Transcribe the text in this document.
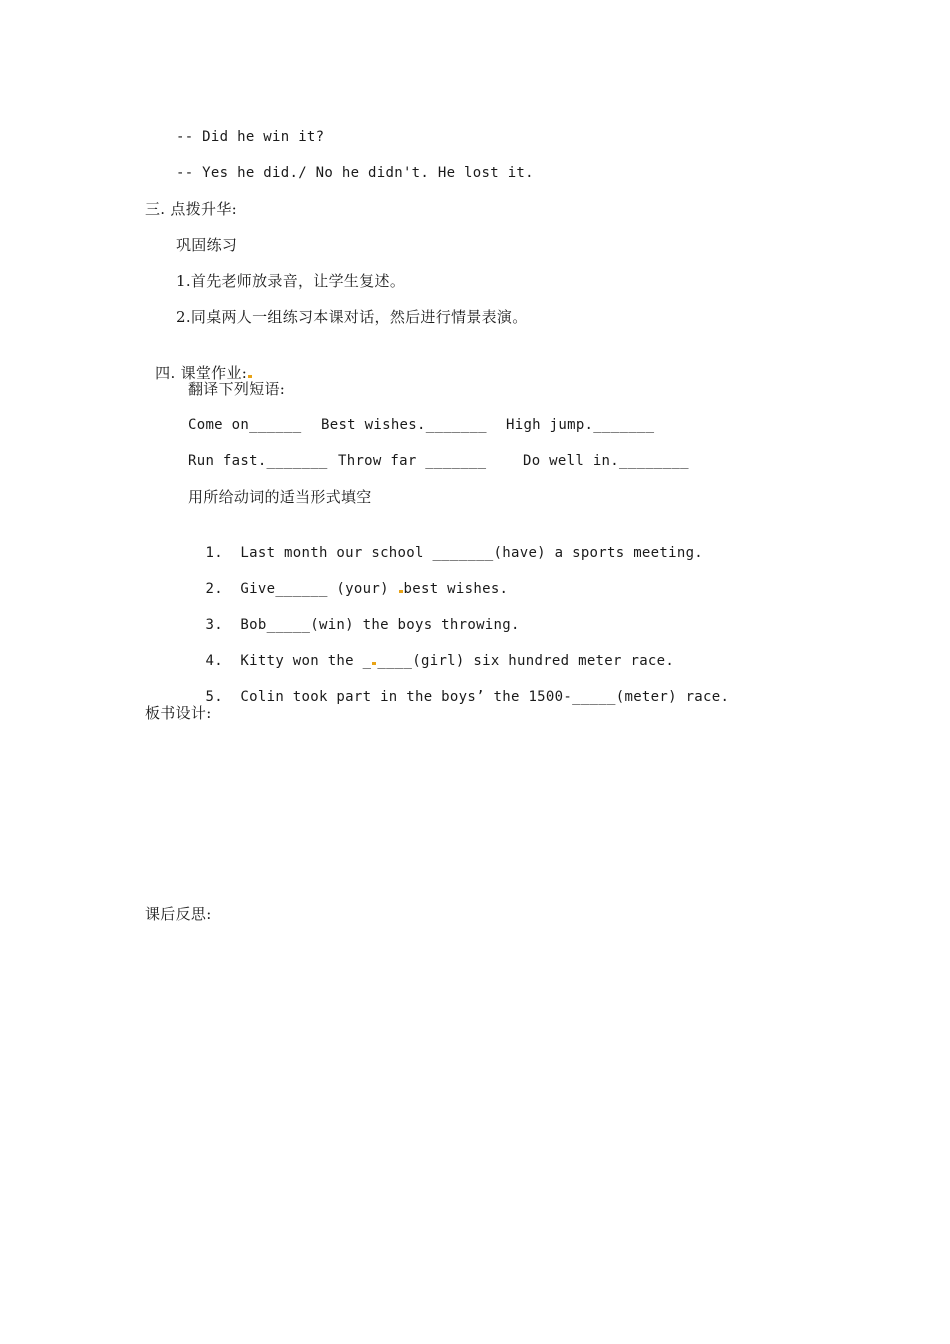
-- Did he win it?
-- Yes he did./ No he didn't. He lost it.
三. 点拨升华:
巩固练习
1.首先老师放录音，让学生复述。
2.同桌两人一组练习本课对话，然后进行情景表演。

四. 课堂作业:

翻译下列短语:
Come on______ Best wishes._______ High jump._______
Run fast._______ Throw far _______	Do well in.________
用所给动词的适当形式填空

1. Last month our school _______(have) a sports meeting.

2. Give______ (your) best wishes.

3. Bob_____(win) the boys throwing.

4. Kitty won the _ ____(girl) six hundred meter race.

5. Colin took part in the boys’ the 1500-_____(meter) race.

板书设计:
课后反思:
